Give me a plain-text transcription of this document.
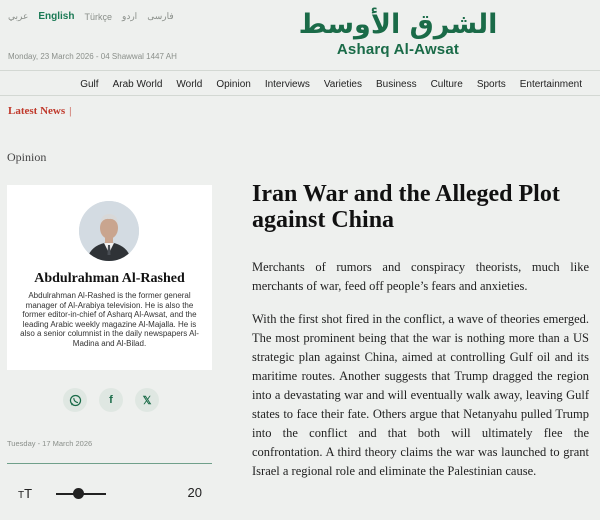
عربي English Türkçe اردو فارسى
Monday, 23 March 2026 - 04 Shawwal 1447 AH
الشرق الأوسط
Asharq Al-Awsat
Gulf	Arab World	World	Opinion	Interviews	Varieties	Business	Culture	Sports	Entertainment
Latest News |
Opinion
Abdulrahman Al-Rashed
Abdulrahman Al-Rashed is the former general manager of Al-Arabiya television. He is also the former editor-in-chief of Asharq Al-Awsat, and the leading Arabic weekly magazine Al-Majalla. He is also a senior columnist in the daily newspapers Al-Madina and Al-Bilad.
f	𝕏
Tuesday - 17 March 2026
TT	20
Iran War and the Alleged Plot against China

Merchants of rumors and conspiracy theorists, much like merchants of war, feed off people’s fears and anxieties.

With the first shot fired in the conflict, a wave of theories emerged. The most prominent being that the war is nothing more than a US strategic plan against China, aimed at controlling Gulf oil and its maritime routes. Another suggests that Trump dragged the region into a devastating war and will eventually walk away, leaving Gulf states to face their fate. Others argue that Netanyahu pulled Trump into the conflict and that both will ultimately flee the confrontation. A third theory claims the war was launched to grant Israel a regional role and eliminate the Palestinian cause.
